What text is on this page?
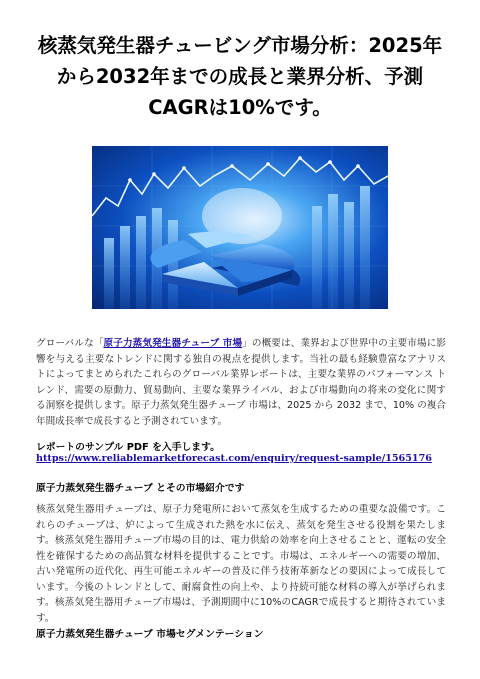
核蒸気発生器チュービング市場分析：2025年から2032年までの成長と業界分析、予測CAGRは10%です。

グローバルな「原子力蒸気発生器チューブ 市場」の概要は、業界および世界中の主要市場に影響を与える主要なトレンドに関する独自の視点を提供します。当社の最も経験豊富なアナリストによってまとめられたこれらのグローバル業界レポートは、主要な業界のパフォーマンス トレンド、需要の原動力、貿易動向、主要な業界ライバル、および市場動向の将来の変化に関する洞察を提供します。原子力蒸気発生器チューブ 市場は、2025 から 2032 まで、10% の複合年間成長率で成長すると予測されています。

レポートのサンプル PDF を入手します。
https://www.reliablemarketforecast.com/enquiry/request-sample/1565176
原子力蒸気発生器チューブ とその市場紹介です

核蒸気発生器用チューブは、原子力発電所において蒸気を生成するための重要な設備です。これらのチューブは、炉によって生成された熱を水に伝え、蒸気を発生させる役割を果たします。核蒸気発生器用チューブ市場の目的は、電力供給の効率を向上させることと、運転の安全性を確保するための高品質な材料を提供することです。市場は、エネルギーへの需要の増加、古い発電所の近代化、再生可能エネルギーの普及に伴う技術革新などの要因によって成長しています。今後のトレンドとして、耐腐食性の向上や、より持続可能な材料の導入が挙げられます。核蒸気発生器用チューブ市場は、予測期間中に10%のCAGRで成長すると期待されています。

原子力蒸気発生器チューブ 市場セグメンテーション
